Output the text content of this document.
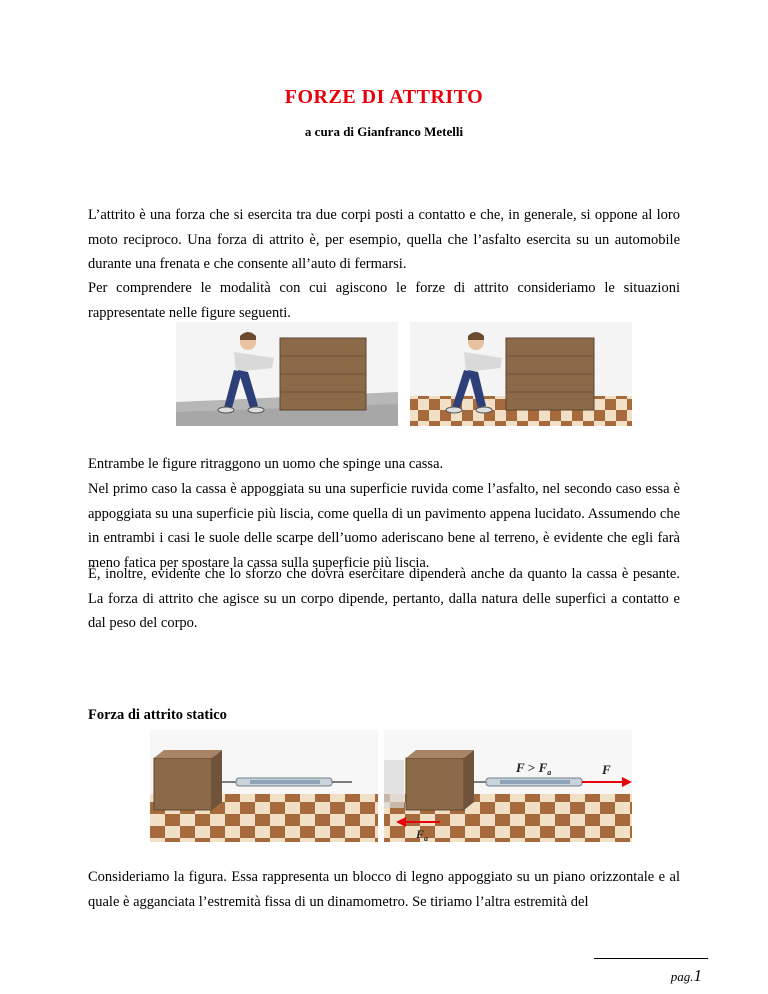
FORZE DI ATTRITO

a cura di Gianfranco Metelli

L’attrito è una forza che si esercita tra due corpi posti a contatto e che, in generale, si oppone al loro moto reciproco. Una forza di attrito è, per esempio, quella che l’asfalto esercita su un automobile durante una frenata e che consente all’auto di fermarsi.

Per comprendere le modalità con cui agiscono le forze di attrito consideriamo le situazioni rappresentate nelle figure seguenti.

Entrambe le figure ritraggono un uomo che spinge una cassa.

Nel primo caso la cassa è appoggiata su una superficie ruvida come l’asfalto, nel secondo caso essa è appoggiata su una superficie più liscia, come quella di un pavimento appena lucidato. Assumendo che in entrambi i casi le suole delle scarpe dell’uomo aderiscano bene al terreno, è evidente che egli farà meno fatica per spostare la cassa sulla superficie più liscia.

È, inoltre, evidente che lo sforzo che dovrà esercitare dipenderà anche da quanto la cassa è pesante. La forza di attrito che agisce su un corpo dipende, pertanto, dalla natura delle superfici a contatto e dal peso del corpo.

Forza di attrito statico
F
$F > F_a$
$F_a$

Consideriamo la figura. Essa rappresenta un blocco di legno appoggiato su un piano orizzontale e al quale è agganciata l’estremità fissa di un dinamometro. Se tiriamo l’altra estremità del

pag.1
